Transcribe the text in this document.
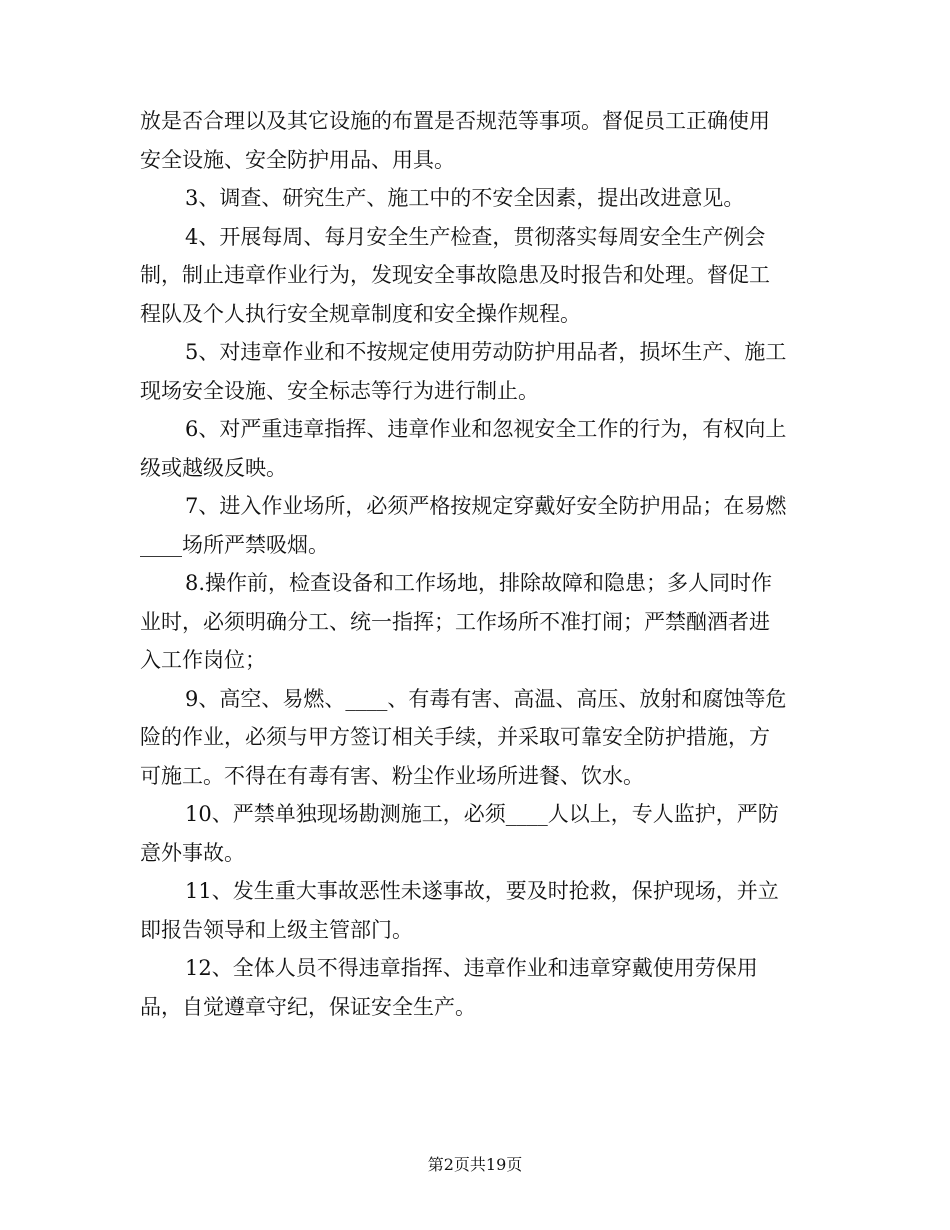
放是否合理以及其它设施的布置是否规范等事项。督促员工正确使用
安全设施、安全防护用品、用具。
3、调查、研究生产、施工中的不安全因素，提出改进意见。
4、开展每周、每月安全生产检查，贯彻落实每周安全生产例会
制，制止违章作业行为，发现安全事故隐患及时报告和处理。督促工
程队及个人执行安全规章制度和安全操作规程。
5、对违章作业和不按规定使用劳动防护用品者，损坏生产、施工
现场安全设施、安全标志等行为进行制止。
6、对严重违章指挥、违章作业和忽视安全工作的行为，有权向上
级或越级反映。
7、进入作业场所，必须严格按规定穿戴好安全防护用品；在易燃
____场所严禁吸烟。
8.操作前，检查设备和工作场地，排除故障和隐患；多人同时作
业时，必须明确分工、统一指挥；工作场所不准打闹；严禁酗酒者进
入工作岗位；
9、高空、易燃、____、有毒有害、高温、高压、放射和腐蚀等危
险的作业，必须与甲方签订相关手续，并采取可靠安全防护措施，方
可施工。不得在有毒有害、粉尘作业场所进餐、饮水。
10、严禁单独现场勘测施工，必须____人以上，专人监护，严防
意外事故。
11、发生重大事故恶性未遂事故，要及时抢救，保护现场，并立
即报告领导和上级主管部门。
12、全体人员不得违章指挥、违章作业和违章穿戴使用劳保用
品，自觉遵章守纪，保证安全生产。
第2页共19页
